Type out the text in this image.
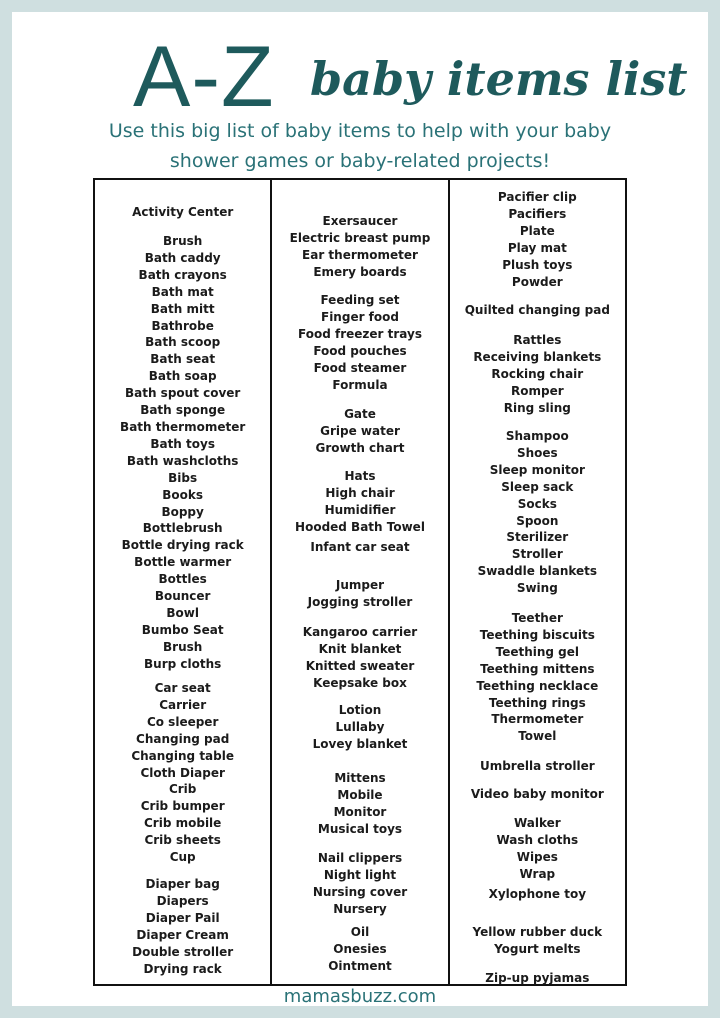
A-Z baby items list
Use this big list of baby items to help with your baby
shower games or baby-related projects!
Activity Center
Brush
Bath caddy
Bath crayons
Bath mat
Bath mitt
Bathrobe
Bath scoop
Bath seat
Bath soap
Bath spout cover
Bath sponge
Bath thermometer
Bath toys
Bath washcloths
Bibs
Books
Boppy
Bottlebrush
Bottle drying rack
Bottle warmer
Bottles
Bouncer
Bowl
Bumbo Seat
Brush
Burp cloths
Car seat
Carrier
Co sleeper
Changing pad
Changing table
Cloth Diaper
Crib
Crib bumper
Crib mobile
Crib sheets
Cup
Diaper bag
Diapers
Diaper Pail
Diaper Cream
Double stroller
Drying rack
Exersaucer
Electric breast pump
Ear thermometer
Emery boards
Feeding set
Finger food
Food freezer trays
Food pouches
Food steamer
Formula
Gate
Gripe water
Growth chart
Hats
High chair
Humidifier
Hooded Bath Towel
Infant car seat
Jumper
Jogging stroller
Kangaroo carrier
Knit blanket
Knitted sweater
Keepsake box
Lotion
Lullaby
Lovey blanket
Mittens
Mobile
Monitor
Musical toys
Nail clippers
Night light
Nursing cover
Nursery
Oil
Onesies
Ointment
Pacifier clip
Pacifiers
Plate
Play mat
Plush toys
Powder
Quilted changing pad
Rattles
Receiving blankets
Rocking chair
Romper
Ring sling
Shampoo
Shoes
Sleep monitor
Sleep sack
Socks
Spoon
Sterilizer
Stroller
Swaddle blankets
Swing
Teether
Teething biscuits
Teething gel
Teething mittens
Teething necklace
Teething rings
Thermometer
Towel
Umbrella stroller
Video baby monitor
Walker
Wash cloths
Wipes
Wrap
Xylophone toy
Yellow rubber duck
Yogurt melts
Zip-up pyjamas
mamasbuzz.com
